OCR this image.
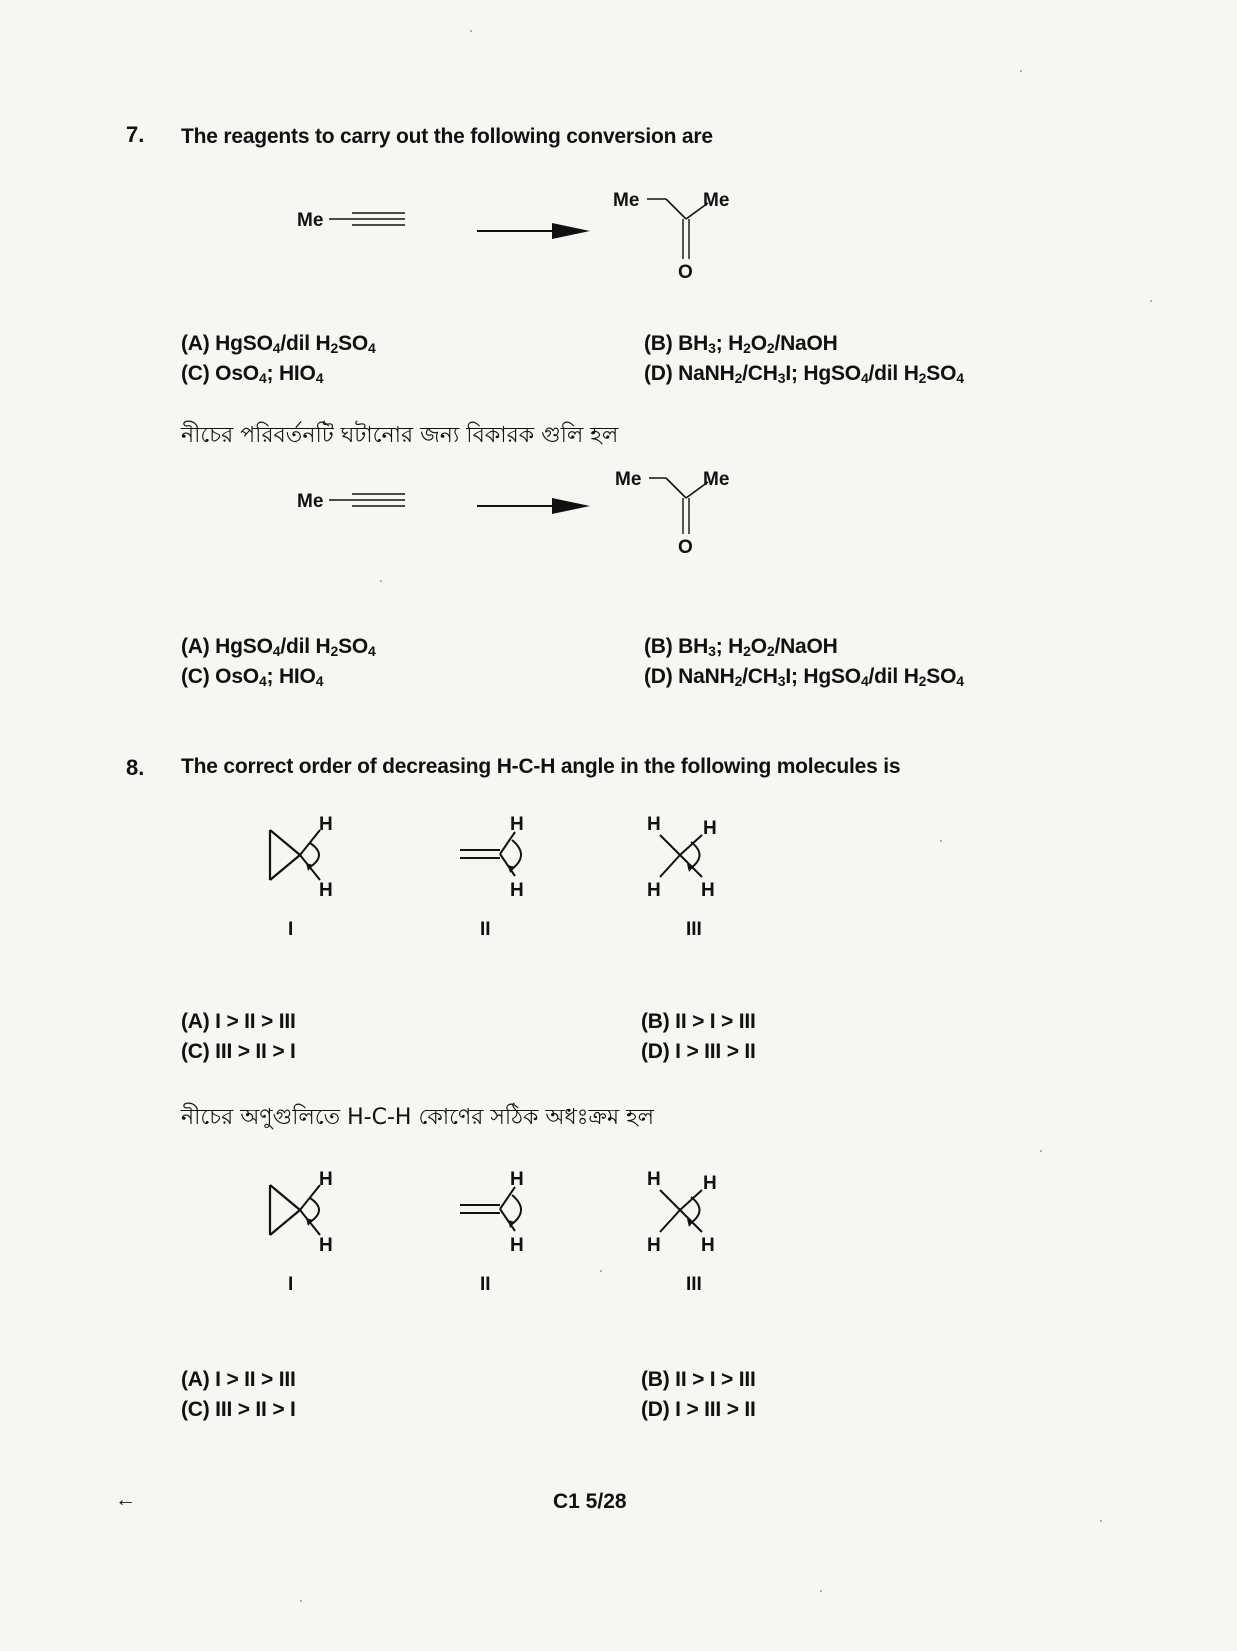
7. The reagents to carry out the following conversion are
Me
Me	Me
O
(A) HgSO$_4$/dil $H_2SO_4$	(B) $BH_3$; $H_2O_2$/NaOH
(C) OsO$_4$; $HIO_4$	(D) $NaNH_2/CH_3I$; HgSO$_4$/dil $H_2SO_4$
নীচের পরিবর্তনটি ঘটানোর জন্য বিকারক গুলি হল
Me
Me	Me
O
(A) HgSO$_4$/dil $H_2SO_4$	(B) $BH_3$; $H_2O_2$/NaOH
(C) OsO$_4$; $HIO_4$	(D) $NaNH_2/CH_3I$; HgSO$_4$/dil $H_2SO_4$
8. The correct order of decreasing H-C-H angle in the following molecules is
H
H
I
H
H
II
H H
H H
III
(A) I > II > III	(B) II > I > III
(C) III > II > I	(D) I > III > II
নীচের অণুগুলিতে H-C-H কোণের সঠিক অধঃক্রম হল
H
H
I
H
H
II
H H
H H
III
(A) I > II > III	(B) II > I > III
(C) III > II > I	(D) I > III > II
←	C1 5/28
